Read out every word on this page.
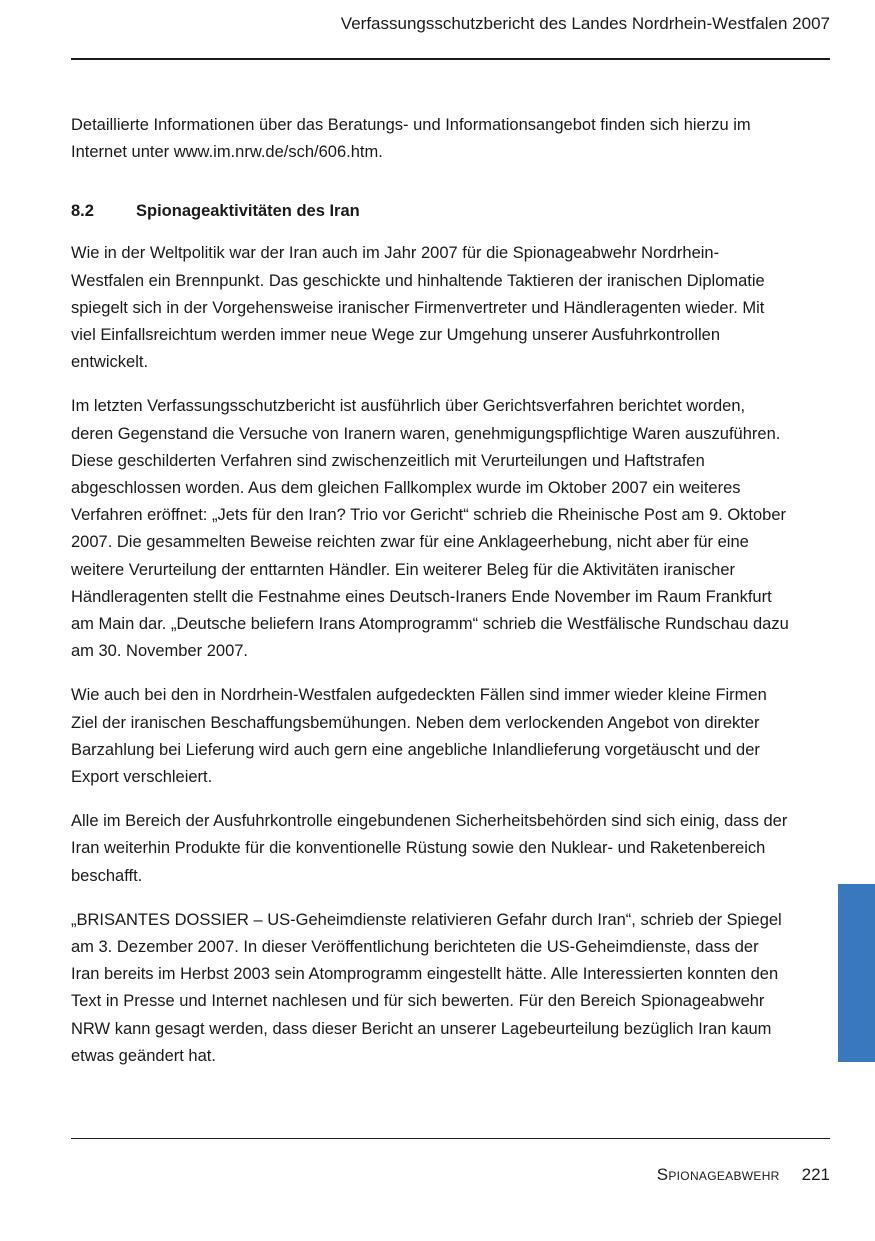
Verfassungsschutzbericht des Landes Nordrhein-Westfalen 2007

Detaillierte Informationen über das Beratungs- und Informationsangebot finden sich hierzu im Internet unter www.im.nrw.de/sch/606.htm.

8.2	Spionageaktivitäten des Iran

Wie in der Weltpolitik war der Iran auch im Jahr 2007 für die Spionageabwehr Nordrhein-Westfalen ein Brennpunkt. Das geschickte und hinhaltende Taktieren der iranischen Diplomatie spiegelt sich in der Vorgehensweise iranischer Firmenvertreter und Händleragenten wieder. Mit viel Einfallsreichtum werden immer neue Wege zur Umgehung unserer Ausfuhrkontrollen entwickelt.

Im letzten Verfassungsschutzbericht ist ausführlich über Gerichtsverfahren berichtet worden, deren Gegenstand die Versuche von Iranern waren, genehmigungspflichtige Waren auszuführen. Diese geschilderten Verfahren sind zwischenzeitlich mit Verurteilungen und Haftstrafen abgeschlossen worden. Aus dem gleichen Fallkomplex wurde im Oktober 2007 ein weiteres Verfahren eröffnet: „Jets für den Iran? Trio vor Gericht“ schrieb die Rheinische Post am 9. Oktober 2007. Die gesammelten Beweise reichten zwar für eine Anklageerhebung, nicht aber für eine weitere Verurteilung der enttarnten Händler. Ein weiterer Beleg für die Aktivitäten iranischer Händleragenten stellt die Festnahme eines Deutsch-Iraners Ende November im Raum Frankfurt am Main dar. „Deutsche beliefern Irans Atomprogramm“ schrieb die Westfälische Rundschau dazu am 30. November 2007.

Wie auch bei den in Nordrhein-Westfalen aufgedeckten Fällen sind immer wieder kleine Firmen Ziel der iranischen Beschaffungsbemühungen. Neben dem verlockenden Angebot von direkter Barzahlung bei Lieferung wird auch gern eine angebliche Inlandlieferung vorgetäuscht und der Export verschleiert.

Alle im Bereich der Ausfuhrkontrolle eingebundenen Sicherheitsbehörden sind sich einig, dass der Iran weiterhin Produkte für die konventionelle Rüstung sowie den Nuklear- und Raketenbereich beschafft.

„BRISANTES DOSSIER – US-Geheimdienste relativieren Gefahr durch Iran“, schrieb der Spiegel am 3. Dezember 2007. In dieser Veröffentlichung berichteten die US-Geheimdienste, dass der Iran bereits im Herbst 2003 sein Atomprogramm eingestellt hätte. Alle Interessierten konnten den Text in Presse und Internet nachlesen und für sich bewerten. Für den Bereich Spionageabwehr NRW kann gesagt werden, dass dieser Bericht an unserer Lagebeurteilung bezüglich Iran kaum etwas geändert hat.

Spionageabwehr 221
